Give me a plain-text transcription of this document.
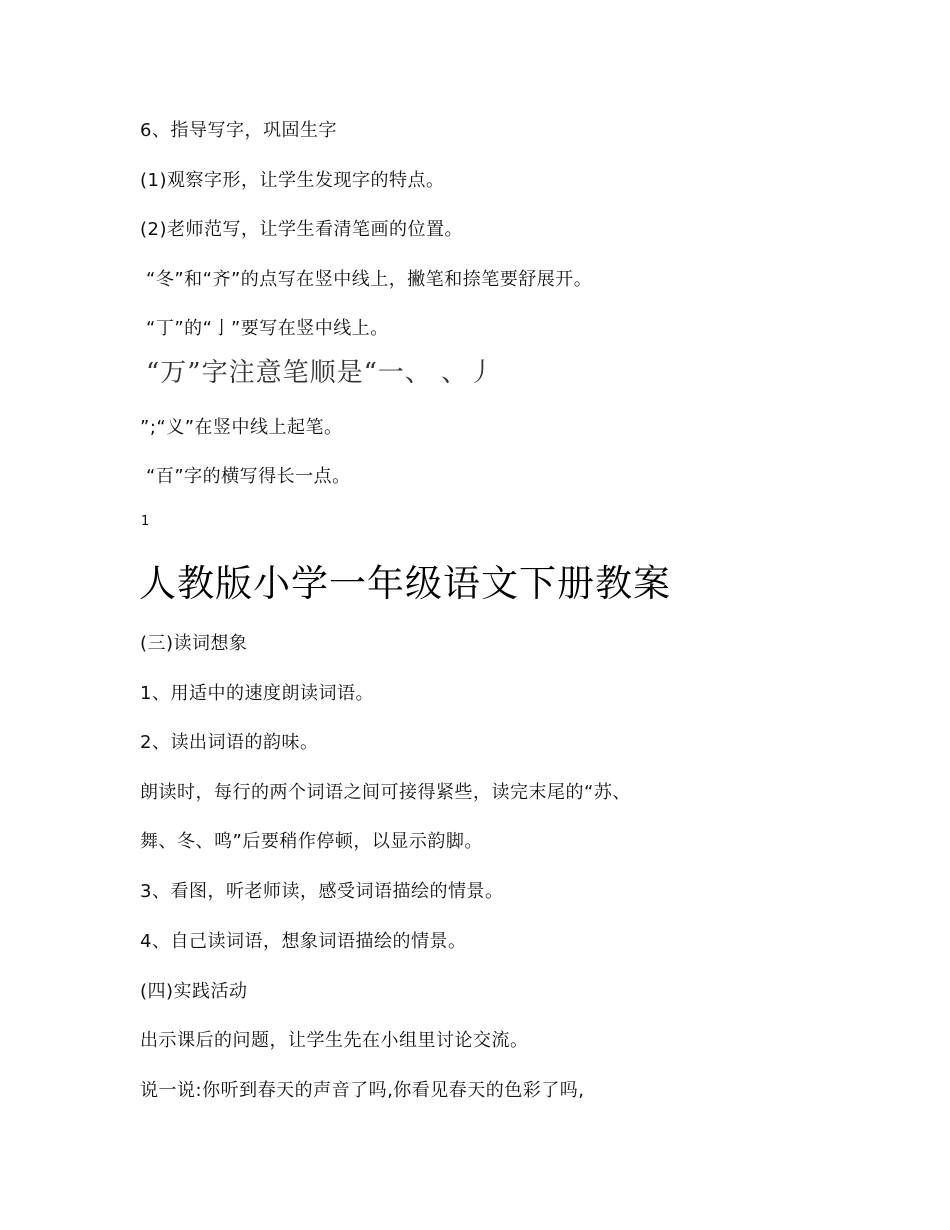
6、指导写字，巩固生字
(1)观察字形，让学生发现字的特点。
(2)老师范写，让学生看清笔画的位置。
“冬”和“齐”的点写在竖中线上，撇笔和捺笔要舒展开。
“丁”的“亅”要写在竖中线上。
“万”字注意笔顺是“一、 、丿
”;“义”在竖中线上起笔。
“百”字的横写得长一点。
1
人教版小学一年级语文下册教案
(三)读词想象
1、用适中的速度朗读词语。
2、读出词语的韵味。
朗读时，每行的两个词语之间可接得紧些，读完末尾的“苏、
舞、冬、鸣”后要稍作停顿，以显示韵脚。
3、看图，听老师读，感受词语描绘的情景。
4、自己读词语，想象词语描绘的情景。
(四)实践活动
出示课后的问题，让学生先在小组里讨论交流。
说一说:你听到春天的声音了吗,你看见春天的色彩了吗,
